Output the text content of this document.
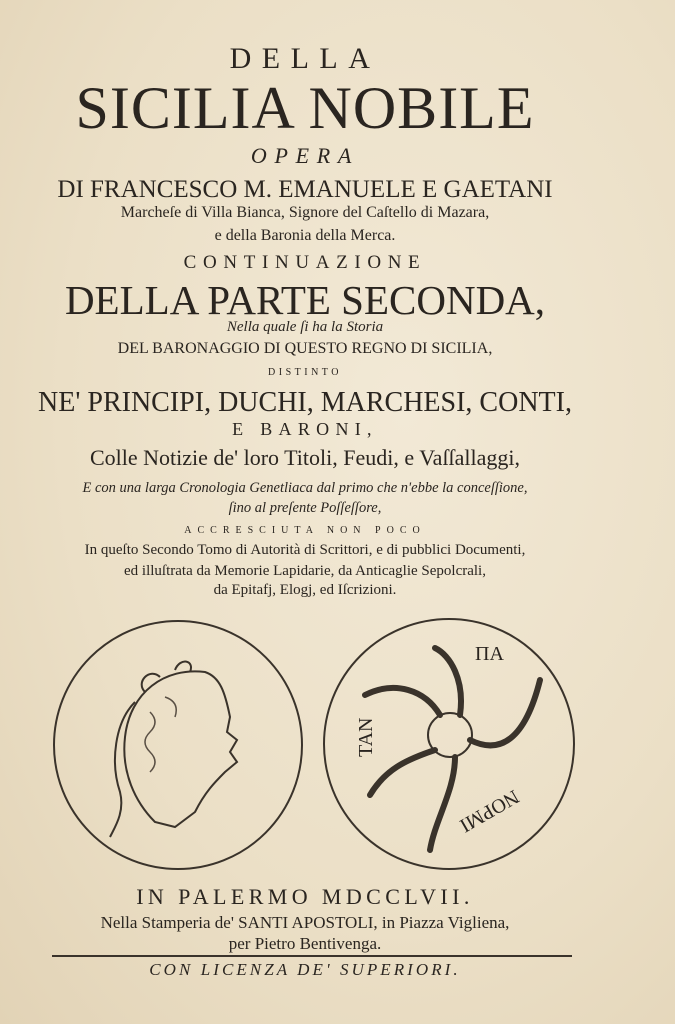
DELLA
SICILIA NOBILE
OPERA
DI FRANCESCO M. EMANUELE E GAETANI
Marcheſe di Villa Bianca, Signore del Caſtello di Mazara,
e della Baronia della Merca.
CONTINUAZIONE
DELLA PARTE SECONDA,
Nella quale ſi ha la Storia
DEL BARONAGGIO DI QUESTO REGNO DI SICILIA,
DISTINTO
NE' PRINCIPI, DUCHI, MARCHESI, CONTI,
E BARONI,
Colle Notizie de' loro Titoli, Feudi, e Vaſſallaggi,
E con una larga Cronologia Genetliaca dal primo che n'ebbe la conceſſione,
ſino al preſente Poſſeſſore,
ACCRESCIUTA NON POCO
In queſto Secondo Tomo di Autorità di Scrittori, e di pubblici Documenti,
ed illuſtrata da Memorie Lapidarie, da Anticaglie Sepolcrali,
da Epitafj, Elogj, ed Iſcrizioni.
ΠΑ
ΝΟΡΜΙ
ΤΑΝ
IN PALERMO MDCCLVII.
Nella Stamperia de' SANTI APOSTOLI, in Piazza Vigliena,
per Pietro Bentivenga.
CON LICENZA DE' SUPERIORI.
